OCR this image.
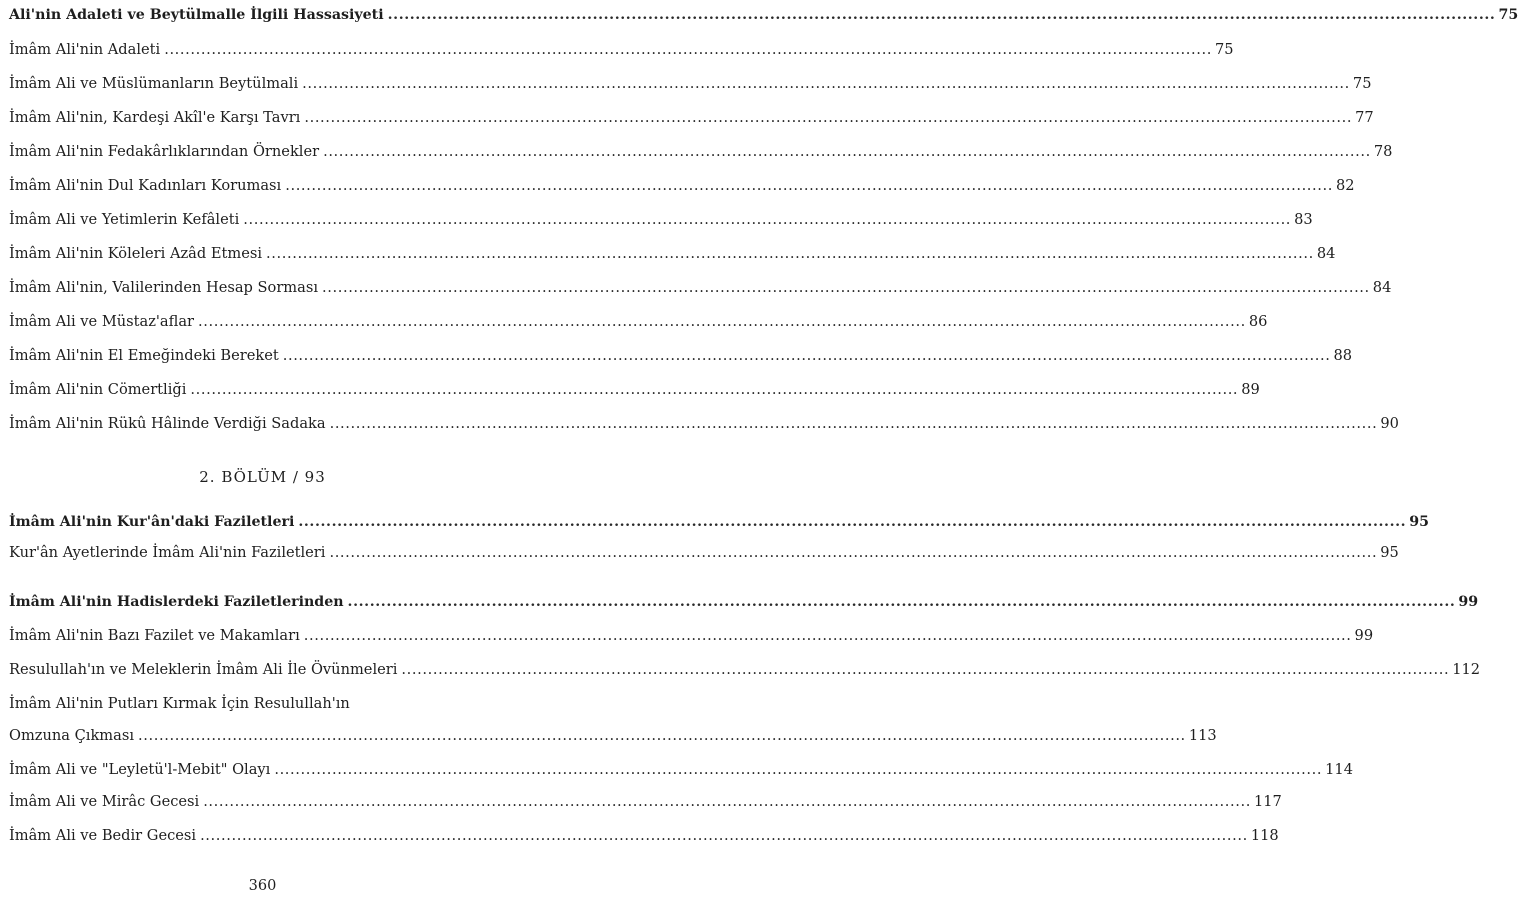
Ali'nin Adaleti ve Beytülmalle İlgili Hassasiyeti ........................................................................................................................................................................................................ 75
İmâm Ali'nin Adaleti ........................................................................................................................................................................................................ 75
İmâm Ali ve Müslümanların Beytülmali ........................................................................................................................................................................................................ 75
İmâm Ali'nin, Kardeşi Akîl'e Karşı Tavrı ........................................................................................................................................................................................................ 77
İmâm Ali'nin Fedakârlıklarından Örnekler ........................................................................................................................................................................................................ 78
İmâm Ali'nin Dul Kadınları Koruması ........................................................................................................................................................................................................ 82
İmâm Ali ve Yetimlerin Kefâleti ........................................................................................................................................................................................................ 83
İmâm Ali'nin Köleleri Azâd Etmesi ........................................................................................................................................................................................................ 84
İmâm Ali'nin, Valilerinden Hesap Sorması ........................................................................................................................................................................................................ 84
İmâm Ali ve Müstaz'aflar ........................................................................................................................................................................................................ 86
İmâm Ali'nin El Emeğindeki Bereket ........................................................................................................................................................................................................ 88
İmâm Ali'nin Cömertliği ........................................................................................................................................................................................................ 89
İmâm Ali'nin Rükû Hâlinde Verdiği Sadaka ........................................................................................................................................................................................................ 90
2. BÖLÜM / 93
İmâm Ali'nin Kur'ân'daki Faziletleri ........................................................................................................................................................................................................ 95
Kur'ân Ayetlerinde İmâm Ali'nin Faziletleri ........................................................................................................................................................................................................ 95
İmâm Ali'nin Hadislerdeki Faziletlerinden ........................................................................................................................................................................................................ 99
İmâm Ali'nin Bazı Fazilet ve Makamları ........................................................................................................................................................................................................ 99
Resulullah'ın ve Meleklerin İmâm Ali İle Övünmeleri ........................................................................................................................................................................................................ 112
İmâm Ali'nin Putları Kırmak İçin Resulullah'ın
Omzuna Çıkması ........................................................................................................................................................................................................ 113
İmâm Ali ve "Leyletü'l-Mebit" Olayı ........................................................................................................................................................................................................ 114
İmâm Ali ve Mirâc Gecesi ........................................................................................................................................................................................................ 117
İmâm Ali ve Bedir Gecesi ........................................................................................................................................................................................................ 118
360
